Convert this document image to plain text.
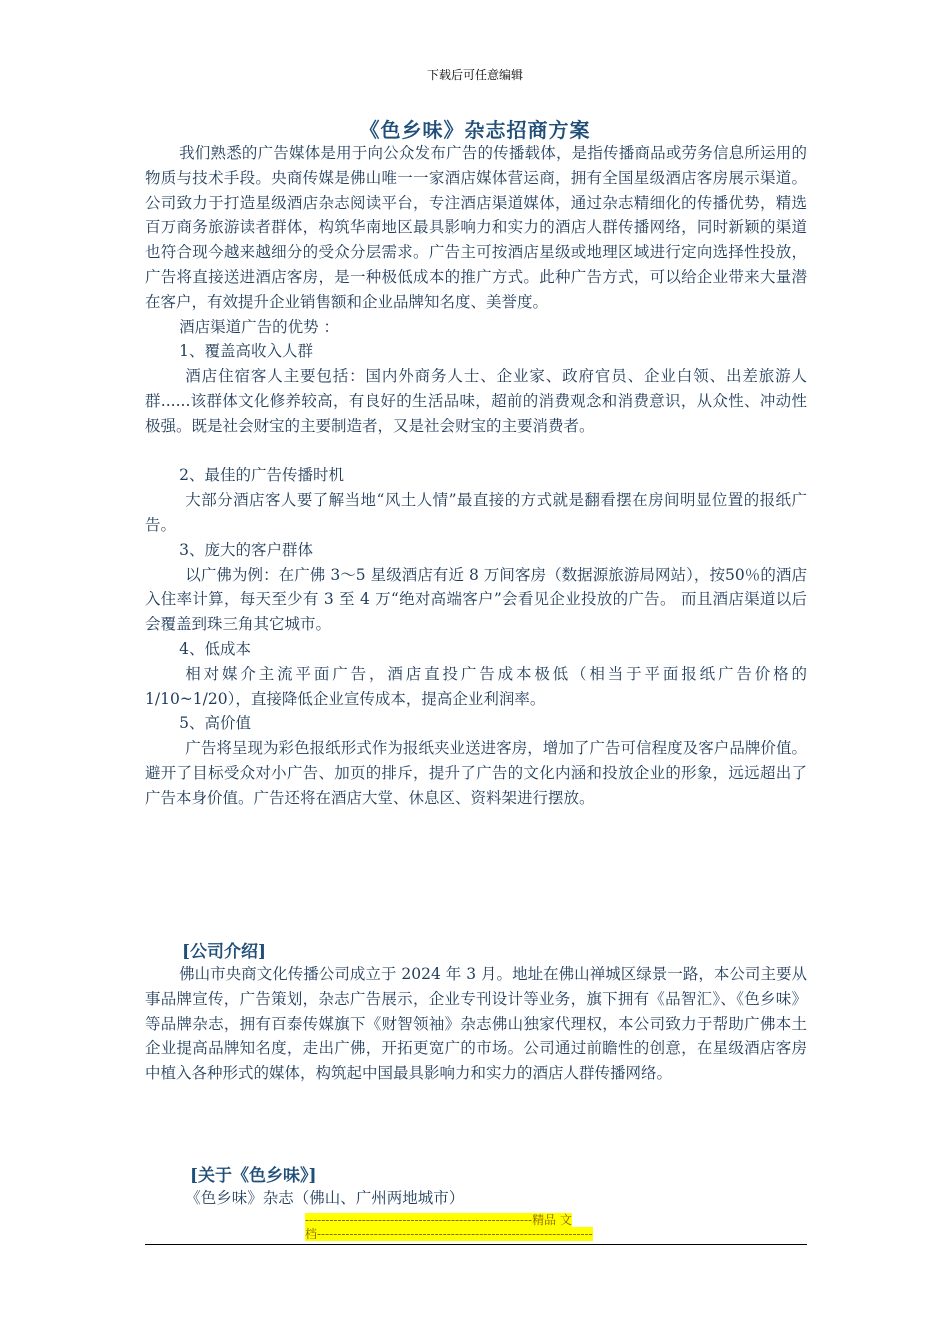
下载后可任意编辑
《色乡味》杂志招商方案

我们熟悉的广告媒体是用于向公众发布广告的传播载体，是指传播商品或劳务信息所运用的物质与技术手段。央商传媒是佛山唯一一家酒店媒体营运商，拥有全国星级酒店客房展示渠道。公司致力于打造星级酒店杂志阅读平台，专注酒店渠道媒体，通过杂志精细化的传播优势，精选百万商务旅游读者群体，构筑华南地区最具影响力和实力的酒店人群传播网络，同时新颖的渠道也符合现今越来越细分的受众分层需求。广告主可按酒店星级或地理区域进行定向选择性投放，广告将直接送进酒店客房，是一种极低成本的推广方式。此种广告方式，可以给企业带来大量潜在客户，有效提升企业销售额和企业品牌知名度、美誉度。

酒店渠道广告的优势 ：

1、覆盖高收入人群

酒店住宿客人主要包括：国内外商务人士、企业家、政府官员、企业白领、出差旅游人群......该群体文化修养较高，有良好的生活品味，超前的消费观念和消费意识，从众性、冲动性极强。既是社会财宝的主要制造者，又是社会财宝的主要消费者。

2、最佳的广告传播时机

大部分酒店客人要了解当地“风土人情”最直接的方式就是翻看摆在房间明显位置的报纸广告。

3、庞大的客户群体

以广佛为例：在广佛 3～5 星级酒店有近 8 万间客房（数据源旅游局网站），按50％的酒店入住率计算，每天至少有 3 至 4 万“绝对高端客户”会看见企业投放的广告。 而且酒店渠道以后会覆盖到珠三角其它城市。

4、低成本

相对媒介主流平面广告，酒店直投广告成本极低（相当于平面报纸广告价格的1/10~1/20），直接降低企业宣传成本，提高企业利润率。

5、高价值

广告将呈现为彩色报纸形式作为报纸夹业送进客房，增加了广告可信程度及客户品牌价值。避开了目标受众对小广告、加页的排斥，提升了广告的文化内涵和投放企业的形象，远远超出了广告本身价值。广告还将在酒店大堂、休息区、资料架进行摆放。

[公司介绍]

佛山市央商文化传播公司成立于 2024 年 3 月。地址在佛山禅城区绿景一路，本公司主要从事品牌宣传，广告策划，杂志广告展示，企业专刊设计等业务，旗下拥有《品智汇》、《色乡味》等品牌杂志，拥有百泰传媒旗下《财智领袖》杂志佛山独家代理权，本公司致力于帮助广佛本土企业提高品牌知名度，走出广佛，开拓更宽广的市场。公司通过前瞻性的创意，在星级酒店客房中植入各种形式的媒体，构筑起中国最具影响力和实力的酒店人群传播网络。

[关于《色乡味》]

《色乡味》杂志（佛山、广州两地城市）

--------------------------------------------------------精品 文
档--------------------------------------------------------------------
